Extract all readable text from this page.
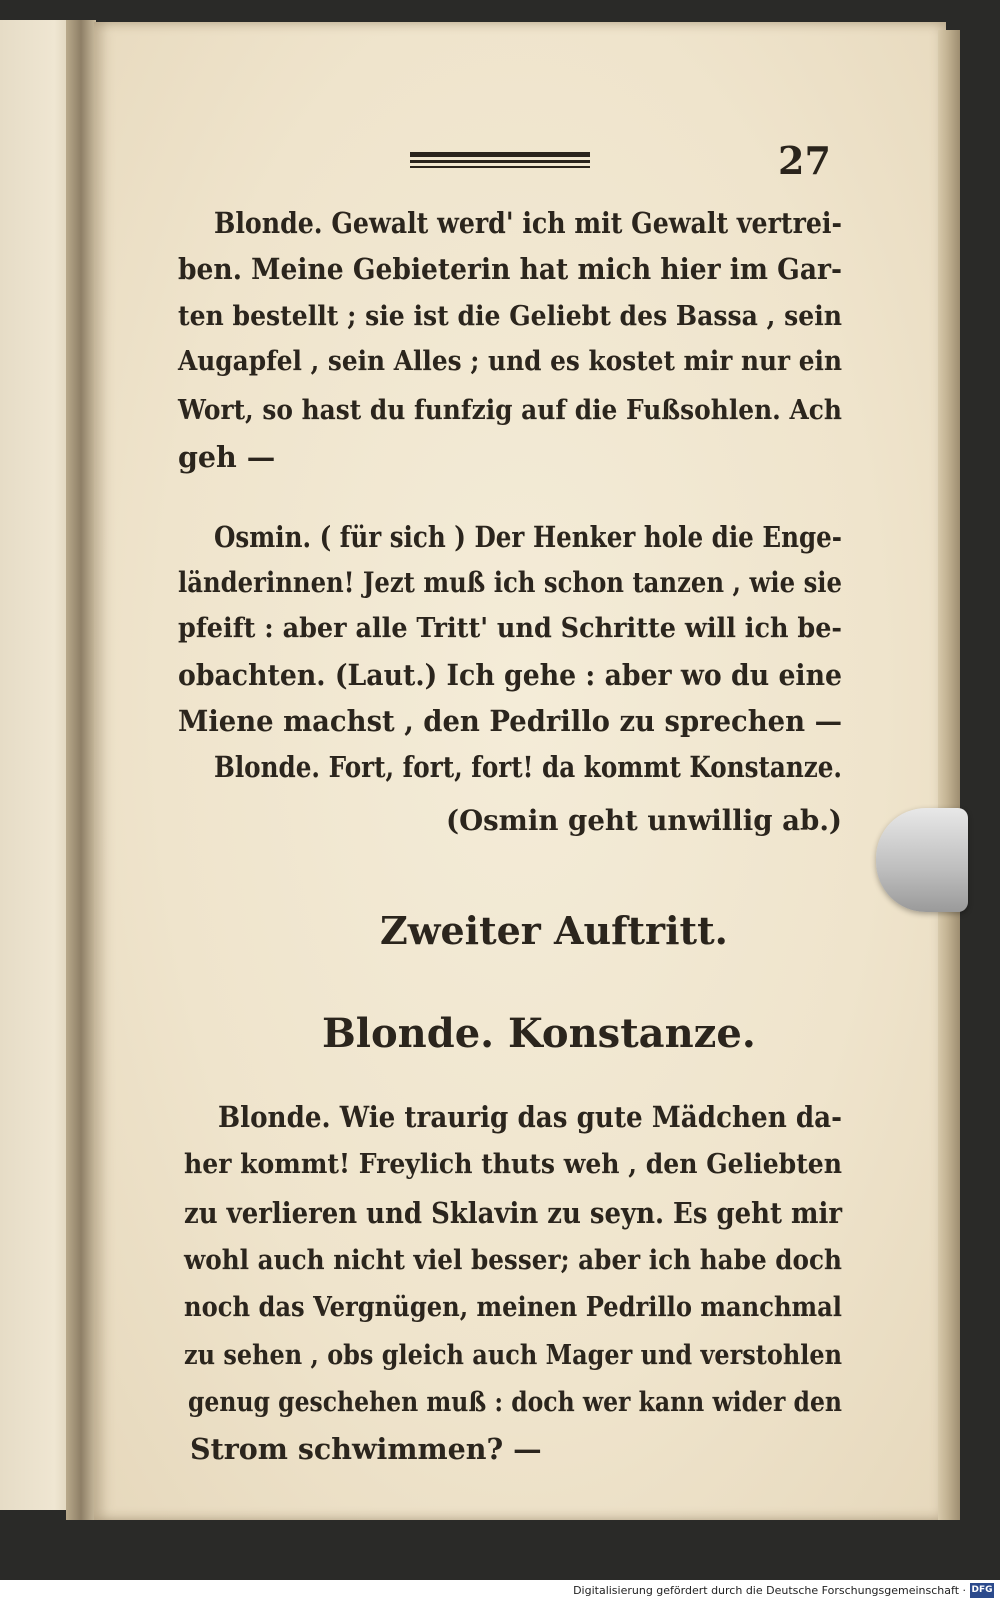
27
Blonde. Gewalt werd' ich mit Gewalt vertrei-
ben. Meine Gebieterin hat mich hier im Gar-
ten bestellt ; sie ist die Geliebt des Bassa , sein
Augapfel , sein Alles ; und es kostet mir nur ein
Wort, so hast du funfzig auf die Fußsohlen. Ach
geh —
Osmin. ( für sich ) Der Henker hole die Enge-
länderinnen! Jezt muß ich schon tanzen , wie sie
pfeift : aber alle Tritt' und Schritte will ich be-
obachten. (Laut.) Ich gehe : aber wo du eine
Miene machst , den Pedrillo zu sprechen —
Blonde. Fort, fort, fort! da kommt Konstanze.
(Osmin geht unwillig ab.)
Zweiter Auftritt.
Blonde. Konstanze.
Blonde. Wie traurig das gute Mädchen da-
her kommt! Freylich thuts weh , den Geliebten
zu verlieren und Sklavin zu seyn. Es geht mir
wohl auch nicht viel besser; aber ich habe doch
noch das Vergnügen, meinen Pedrillo manchmal
zu sehen , obs gleich auch Mager und verstohlen
genug geschehen muß : doch wer kann wider den
Strom schwimmen? —
Digitalisierung gefördert durch die Deutsche Forschungsgemeinschaft · DFG
